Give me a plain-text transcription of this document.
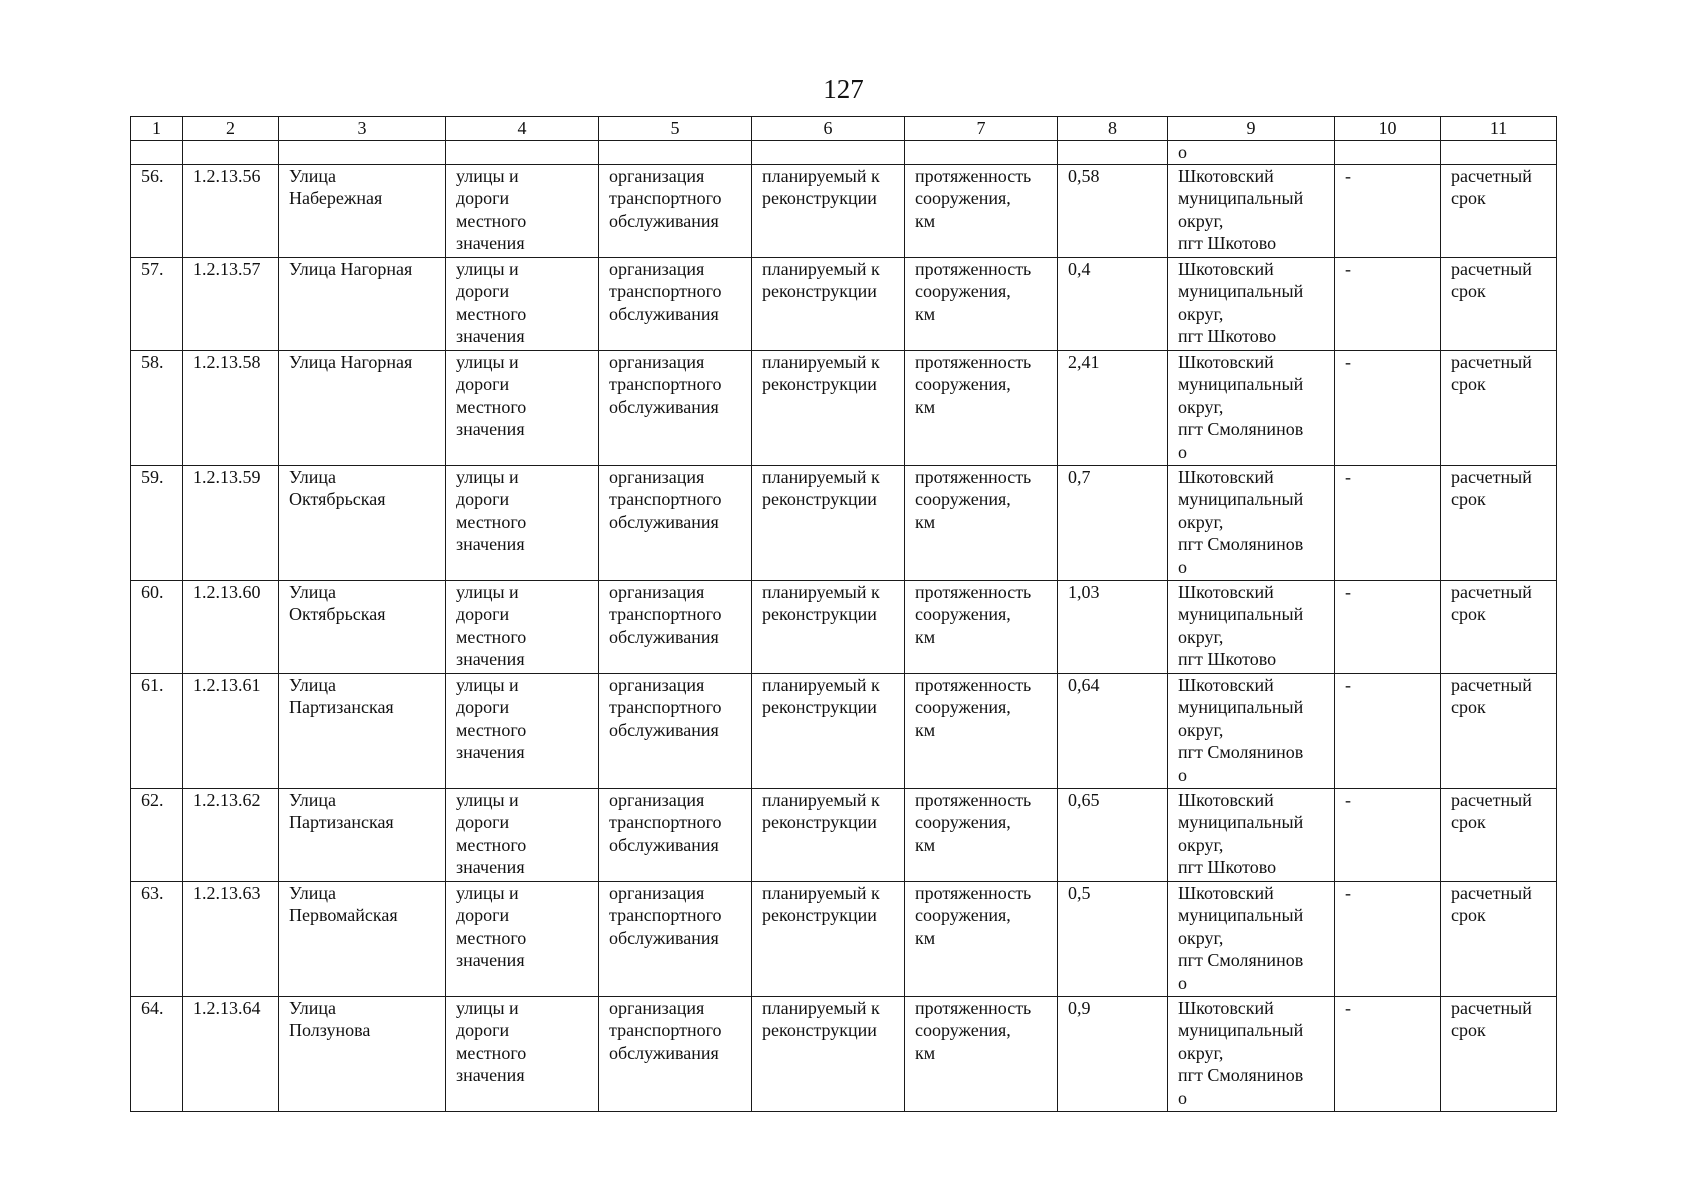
127
1	2	3	4	5	6	7	8	9	10	11
								о		
56.	1.2.13.56	Улица
Набережная	улицы и
дороги
местного
значения	организация
транспортного
обслуживания	планируемый к
реконструкции	протяженность
сооружения,
км	0,58	Шкотовский
муниципальный
округ,
пгт Шкотово	-	расчетный
срок

57.	1.2.13.57	Улица Нагорная	улицы и
дороги
местного
значения	организация
транспортного
обслуживания	планируемый к
реконструкции	протяженность
сооружения,
км	0,4	Шкотовский
муниципальный
округ,
пгт Шкотово	-	расчетный
срок

58.	1.2.13.58	Улица Нагорная	улицы и
дороги
местного
значения	организация
транспортного
обслуживания	планируемый к
реконструкции	протяженность
сооружения,
км	2,41	Шкотовский
муниципальный
округ,
пгт Смолянинов
о	-	расчетный
срок

59.	1.2.13.59	Улица
Октябрьская	улицы и
дороги
местного
значения	организация
транспортного
обслуживания	планируемый к
реконструкции	протяженность
сооружения,
км	0,7	Шкотовский
муниципальный
округ,
пгт Смолянинов
о	-	расчетный
срок

60.	1.2.13.60	Улица
Октябрьская	улицы и
дороги
местного
значения	организация
транспортного
обслуживания	планируемый к
реконструкции	протяженность
сооружения,
км	1,03	Шкотовский
муниципальный
округ,
пгт Шкотово	-	расчетный
срок

61.	1.2.13.61	Улица
Партизанская	улицы и
дороги
местного
значения	организация
транспортного
обслуживания	планируемый к
реконструкции	протяженность
сооружения,
км	0,64	Шкотовский
муниципальный
округ,
пгт Смолянинов
о	-	расчетный
срок

62.	1.2.13.62	Улица
Партизанская	улицы и
дороги
местного
значения	организация
транспортного
обслуживания	планируемый к
реконструкции	протяженность
сооружения,
км	0,65	Шкотовский
муниципальный
округ,
пгт Шкотово	-	расчетный
срок

63.	1.2.13.63	Улица
Первомайская	улицы и
дороги
местного
значения	организация
транспортного
обслуживания	планируемый к
реконструкции	протяженность
сооружения,
км	0,5	Шкотовский
муниципальный
округ,
пгт Смолянинов
о	-	расчетный
срок

64.	1.2.13.64	Улица
Ползунова	улицы и
дороги
местного
значения	организация
транспортного
обслуживания	планируемый к
реконструкции	протяженность
сооружения,
км	0,9	Шкотовский
муниципальный
округ,
пгт Смолянинов
о	-	расчетный
срок
